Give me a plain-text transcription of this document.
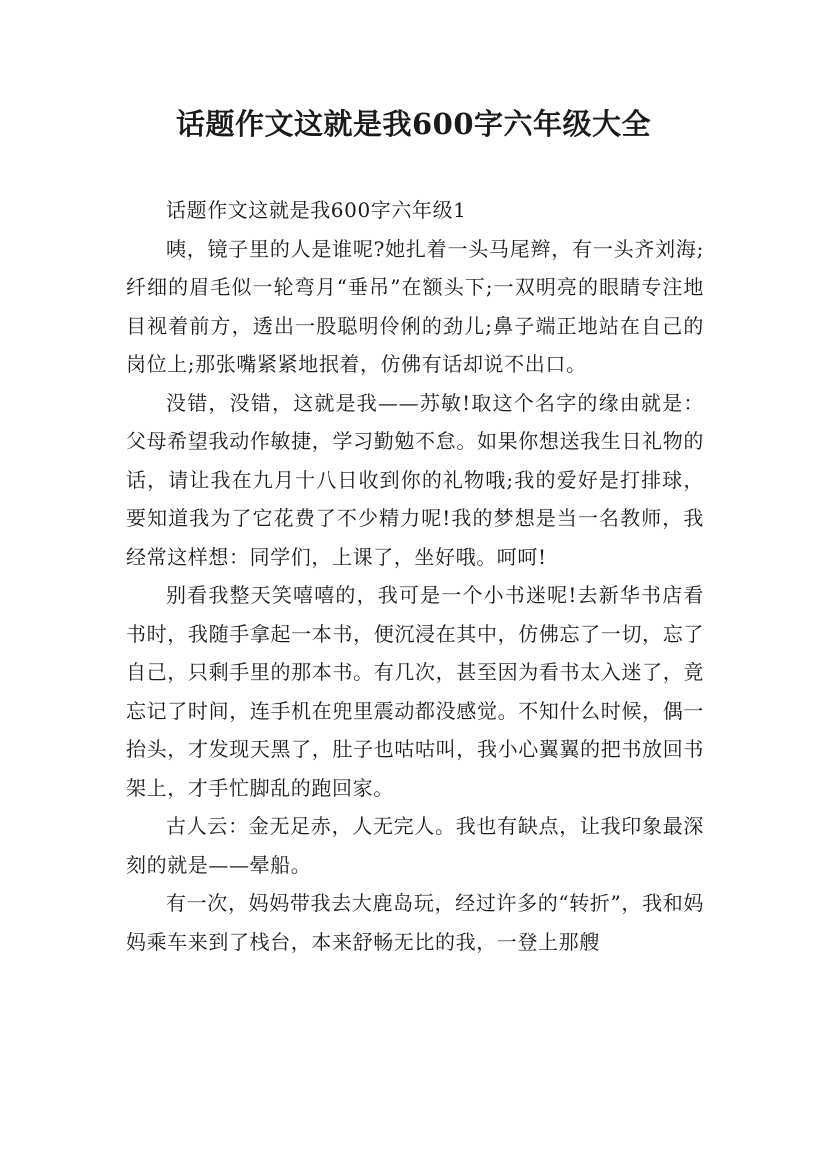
话题作文这就是我600字六年级大全

话题作文这就是我600字六年级1

咦，镜子里的人是谁呢?她扎着一头马尾辫，有一头齐刘海;纤细的眉毛似一轮弯月“垂吊”在额头下;一双明亮的眼睛专注地目视着前方，透出一股聪明伶俐的劲儿;鼻子端正地站在自己的岗位上;那张嘴紧紧地抿着，仿佛有话却说不出口。

没错，没错，这就是我——苏敏!取这个名字的缘由就是：父母希望我动作敏捷，学习勤勉不怠。如果你想送我生日礼物的话，请让我在九月十八日收到你的礼物哦;我的爱好是打排球，要知道我为了它花费了不少精力呢!我的梦想是当一名教师，我经常这样想：同学们，上课了，坐好哦。呵呵!

别看我整天笑嘻嘻的，我可是一个小书迷呢!去新华书店看书时，我随手拿起一本书，便沉浸在其中，仿佛忘了一切，忘了自己，只剩手里的那本书。有几次，甚至因为看书太入迷了，竟忘记了时间，连手机在兜里震动都没感觉。不知什么时候，偶一抬头，才发现天黑了，肚子也咕咕叫，我小心翼翼的把书放回书架上，才手忙脚乱的跑回家。

古人云：金无足赤，人无完人。我也有缺点，让我印象最深刻的就是——晕船。

有一次，妈妈带我去大鹿岛玩，经过许多的“转折”，我和妈妈乘车来到了栈台，本来舒畅无比的我，一登上那艘
